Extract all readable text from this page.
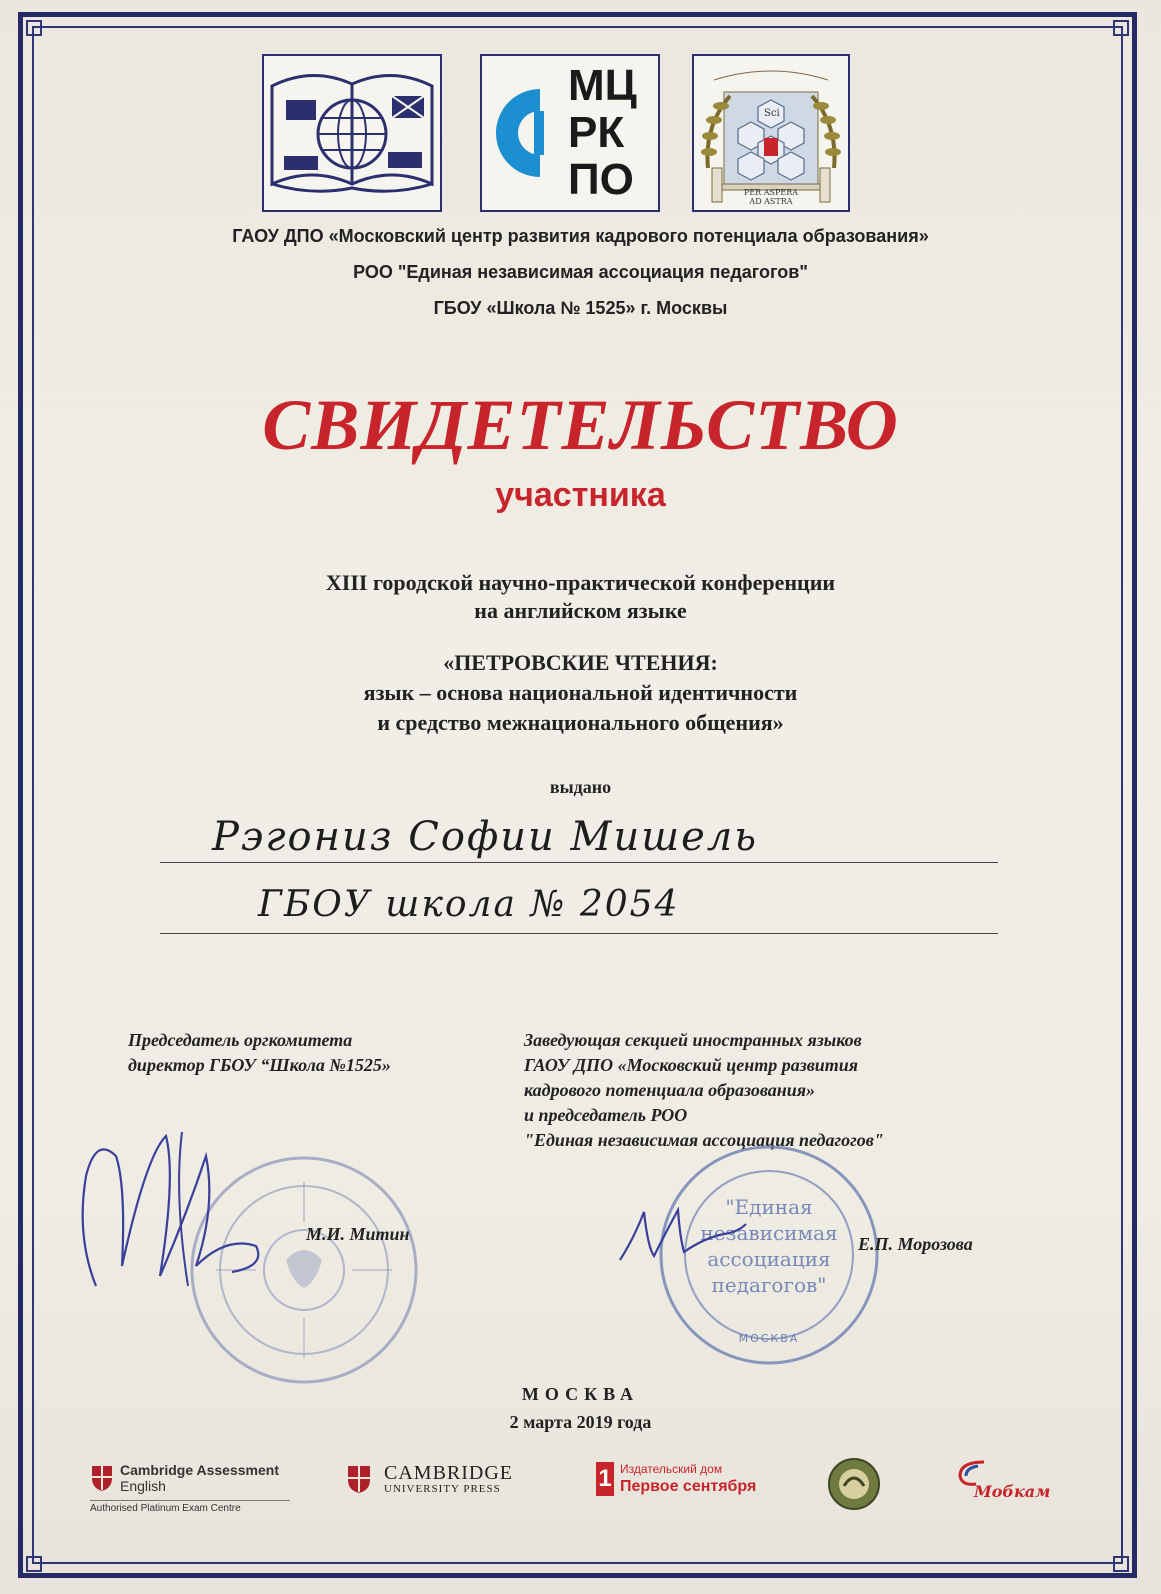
МЦ
РК
ПО
Sci
PER ASPERA
AD ASTRA
ГАОУ ДПО «Московский центр развития кадрового потенциала образования»
РОО "Единая независимая ассоциация педагогов"
ГБОУ «Школа № 1525» г. Москвы
СВИДЕТЕЛЬСТВО
участника
XIII городской научно-практической конференции
на английском языке
«ПЕТРОВСКИЕ ЧТЕНИЯ:
язык – основа национальной идентичности
и средство межнационального общения»
выдано
Рэгониз Софии Мишель
ГБОУ школа № 2054
Председатель оргкомитета
директор ГБОУ “Школа №1525»
Заведующая секцией иностранных языков
ГАОУ ДПО «Московский центр развития
кадрового потенциала образования»
и председатель РОО
"Единая независимая ассоциация педагогов"
М.И. Митин
"Единая
независимая
ассоциация
педагогов"
МОСКВА
Е.П. Морозова
МОСКВА
2 марта 2019 года
Cambridge Assessment
English
Authorised Platinum Exam Centre
CAMBRIDGE
UNIVERSITY PRESS	1 Издательский дом
Первое сентября	Мобкам
